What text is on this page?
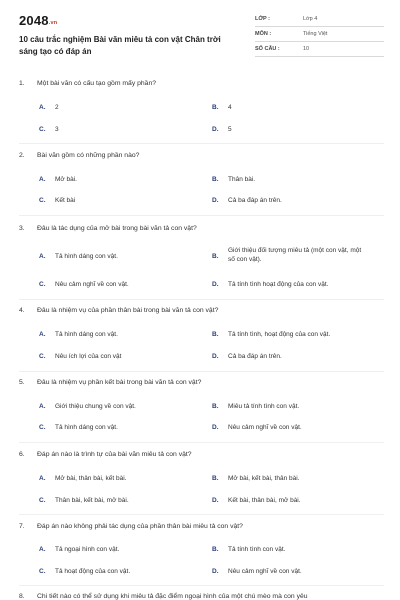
2048.vn
10 câu trắc nghiệm Bài văn miêu tả con vật Chân trời sáng tạo có đáp án
LỚP :	Lớp 4
MÔN :	Tiếng Việt
SỐ CÂU :	10
1. Một bài văn có cấu tạo gồm mấy phần?
A.	2	B.	4
C.	3	D.	5
2. Bài văn gồm có những phần nào?
A.	Mở bài.	B.	Thân bài.
C.	Kết bài	D.	Cả ba đáp án trên.
3. Đâu là tác dụng của mở bài trong bài văn tả con vật?
A.	Tả hình dáng con vật.	B.
Giới thiệu đối tượng miêu tả (một con vật, một số con vật).
C.	Nêu cảm nghĩ về con vật.	D.	Tả tính tình hoạt động của con vật.
4. Đâu là nhiệm vụ của phần thân bài trong bài văn tả con vật?
A.	Tả hình dáng con vật.	B.	Tả tính tình, hoạt động của con vật.
C.	Nêu ích lợi của con vật	D.	Cả ba đáp án trên.
5. Đâu là nhiệm vụ phần kết bài trong bài văn tả con vật?
A.	Giới thiệu chung về con vật.	B.	Miêu tả tính tình con vật.
C.	Tả hình dáng con vật.	D.	Nêu cảm nghĩ về con vật.
6. Đáp án nào là trình tự của bài văn miêu tả con vật?
A.	Mở bài, thân bài, kết bài.	B.	Mở bài, kết bài, thân bài.
C.	Thân bài, kết bài, mở bài.	D.	Kết bài, thân bài, mở bài.
7. Đáp án nào không phải tác dụng của phần thân bài miêu tả con vật?
A.	Tả ngoại hình con vật.	B.	Tả tính tình con vật.
C.	Tả hoạt động của con vật.	D.	Nêu cảm nghĩ về con vật.
8. Chi tiết nào có thể sử dụng khi miêu tả đặc điểm ngoại hình của một chú mèo mà con yêu
